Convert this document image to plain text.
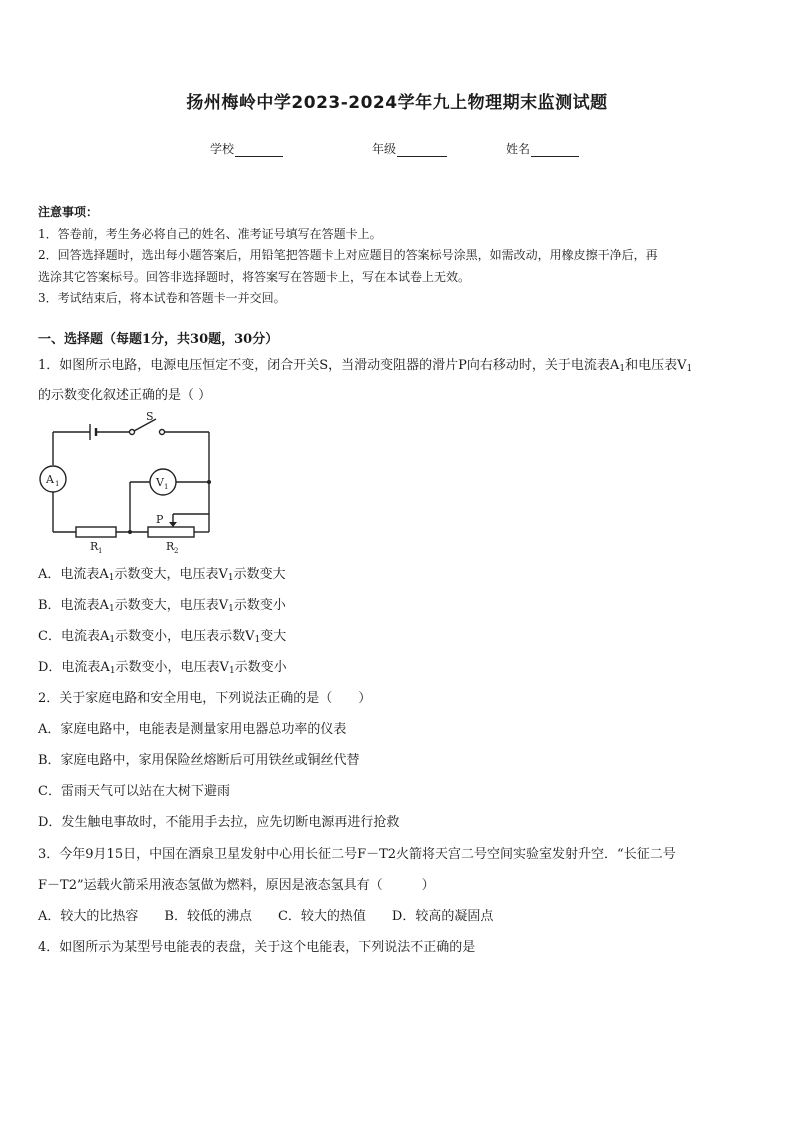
扬州梅岭中学2023-2024学年九上物理期末监测试题
学校	年级	姓名

注意事项：

1．答卷前，考生务必将自己的姓名、准考证号填写在答题卡上。

2．回答选择题时，选出每小题答案后，用铅笔把答题卡上对应题目的答案标号涂黑，如需改动，用橡皮擦干净后，再

选涂其它答案标号。回答非选择题时，将答案写在答题卡上，写在本试卷上无效。

3．考试结束后，将本试卷和答题卡一并交回。

一、选择题（每题1分，共30题，30分）
1．如图所示电路，电源电压恒定不变，闭合开关S，当滑动变阻器的滑片P向右移动时，关于电流表$A_1$和电压表$V_1$
的示数变化叙述正确的是（ ）
S
A 1	V 1
P
R 1	R 2
A．电流表$A_1$示数变大，电压表$V_1$示数变大
B．电流表$A_1$示数变大，电压表$V_1$示数变小
C．电流表$A_1$示数变小，电压表示数$V_1$变大
D．电流表$A_1$示数变小，电压表$V_1$示数变小
2．关于家庭电路和安全用电，下列说法正确的是（　　）
A．家庭电路中，电能表是测量家用电器总功率的仪表
B．家庭电路中，家用保险丝熔断后可用铁丝或铜丝代替
C．雷雨天气可以站在大树下避雨
D．发生触电事故时，不能用手去拉，应先切断电源再进行抢救
3．今年9月15日，中国在酒泉卫星发射中心用长征二号F－T2火箭将天宫二号空间实验室发射升空．“长征二号
F－T2”运载火箭采用液态氢做为燃料，原因是液态氢具有（　　　）
A．较大的比热容 B．较低的沸点 C．较大的热值 D．较高的凝固点
4．如图所示为某型号电能表的表盘，关于这个电能表，下列说法不正确的是
